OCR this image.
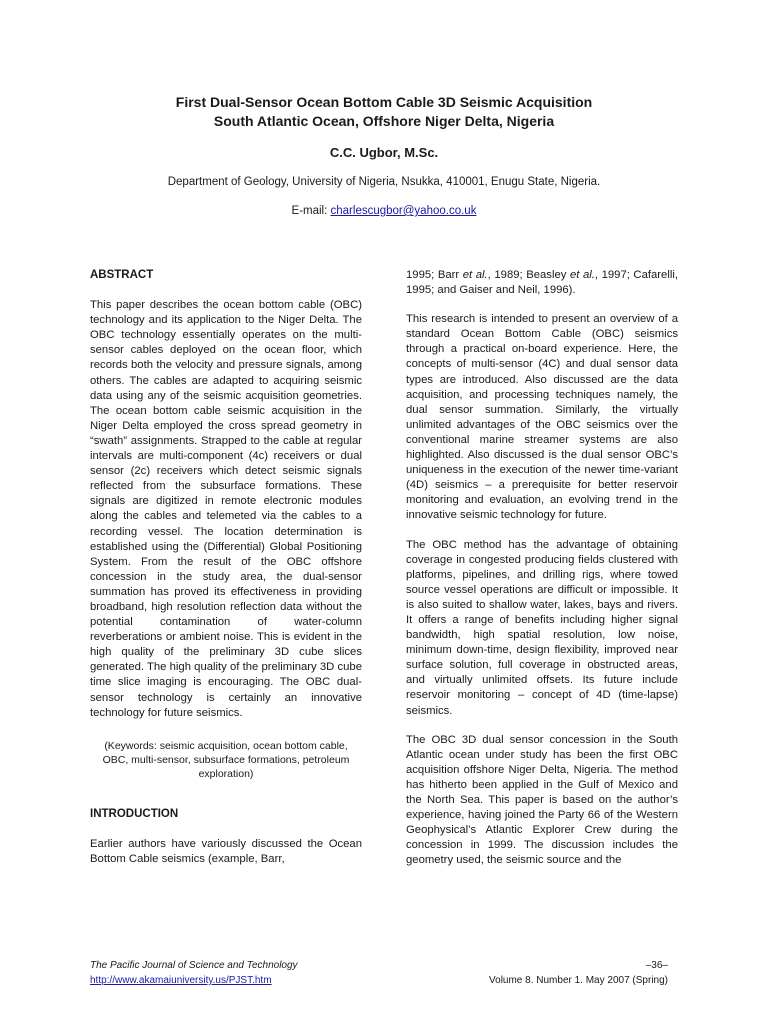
First Dual-Sensor Ocean Bottom Cable 3D Seismic Acquisition
South Atlantic Ocean, Offshore Niger Delta, Nigeria
C.C. Ugbor, M.Sc.
Department of Geology, University of Nigeria, Nsukka, 410001, Enugu State, Nigeria.
E-mail: charlescugbor@yahoo.co.uk
ABSTRACT

This paper describes the ocean bottom cable (OBC) technology and its application to the Niger Delta. The OBC technology essentially operates on the multi-sensor cables deployed on the ocean floor, which records both the velocity and pressure signals, among others. The cables are adapted to acquiring seismic data using any of the seismic acquisition geometries. The ocean bottom cable seismic acquisition in the Niger Delta employed the cross spread geometry in “swath” assignments. Strapped to the cable at regular intervals are multi-component (4c) receivers or dual sensor (2c) receivers which detect seismic signals reflected from the subsurface formations. These signals are digitized in remote electronic modules along the cables and telemeted via the cables to a recording vessel. The location determination is established using the (Differential) Global Positioning System. From the result of the OBC offshore concession in the study area, the dual-sensor summation has proved its effectiveness in providing broadband, high resolution reflection data without the potential contamination of water-column reverberations or ambient noise. This is evident in the high quality of the preliminary 3D cube slices generated. The high quality of the preliminary 3D cube time slice imaging is encouraging. The OBC dual-sensor technology is certainly an innovative technology for future seismics.

(Keywords: seismic acquisition, ocean bottom cable, OBC, multi-sensor, subsurface formations, petroleum exploration)

INTRODUCTION

Earlier authors have variously discussed the Ocean Bottom Cable seismics (example, Barr,

1995; Barr et al., 1989; Beasley et al., 1997; Cafarelli, 1995; and Gaiser and Neil, 1996).

This research is intended to present an overview of a standard Ocean Bottom Cable (OBC) seismics through a practical on-board experience. Here, the concepts of multi-sensor (4C) and dual sensor data types are introduced. Also discussed are the data acquisition, and processing techniques namely, the dual sensor summation. Similarly, the virtually unlimited advantages of the OBC seismics over the conventional marine streamer systems are also highlighted. Also discussed is the dual sensor OBC’s uniqueness in the execution of the newer time-variant (4D) seismics – a prerequisite for better reservoir monitoring and evaluation, an evolving trend in the innovative seismic technology for future.

The OBC method has the advantage of obtaining coverage in congested producing fields clustered with platforms, pipelines, and drilling rigs, where towed source vessel operations are difficult or impossible. It is also suited to shallow water, lakes, bays and rivers. It offers a range of benefits including higher signal bandwidth, high spatial resolution, low noise, minimum down-time, design flexibility, improved near surface solution, full coverage in obstructed areas, and virtually unlimited offsets. Its future include reservoir monitoring – concept of 4D (time-lapse) seismics.

The OBC 3D dual sensor concession in the South Atlantic ocean under study has been the first OBC acquisition offshore Niger Delta, Nigeria. The method has hitherto been applied in the Gulf of Mexico and the North Sea. This paper is based on the author’s experience, having joined the Party 66 of the Western Geophysical’s Atlantic Explorer Crew during the concession in 1999. The discussion includes the geometry used, the seismic source and the

The Pacific Journal of Science and Technology
http://www.akamaiuniversity.us/PJST.htm
–36–
Volume 8. Number 1. May 2007 (Spring)
